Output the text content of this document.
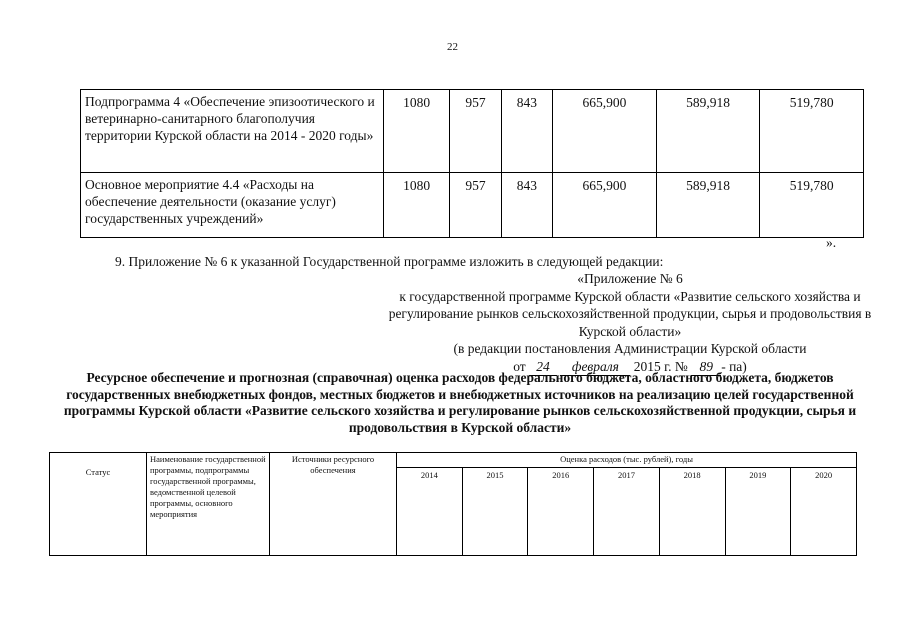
22
Подпрограмма 4 «Обеспечение эпизоотического и ветеринарно-санитарного благополучия территории Курской области на 2014 - 2020 годы»	1080	957	843	665,900	589,918	519,780
Основное мероприятие 4.4 «Расходы на обеспечение деятельности (оказание услуг) государственных учреждений»	1080	957	843	665,900	589,918	519,780
».
9. Приложение № 6 к указанной Государственной программе изложить в следующей редакции:
«Приложение № 6
к государственной программе Курской области «Развитие сельского хозяйства и регулирование рынков сельскохозяйственной продукции, сырья и продовольствия в Курской области»
(в редакции постановления Администрации Курской области
от 24 февраля 2015 г. № 89 - па)
Ресурсное обеспечение и прогнозная (справочная) оценка расходов федерального бюджета, областного бюджета, бюджетов государственных внебюджетных фондов, местных бюджетов и внебюджетных источников на реализацию целей государственной программы Курской области «Развитие сельского хозяйства и регулирование рынков сельскохозяйственной продукции, сырья и продовольствия в Курской области»
Статус	Наименование государственной программы, подпрограммы государственной программы, ведомственной целевой программы, основного мероприятия	Источники ресурсного обеспечения	Оценка расходов (тыс. рублей), годы						
			2014	2015	2016	2017	2018	2019	2020
